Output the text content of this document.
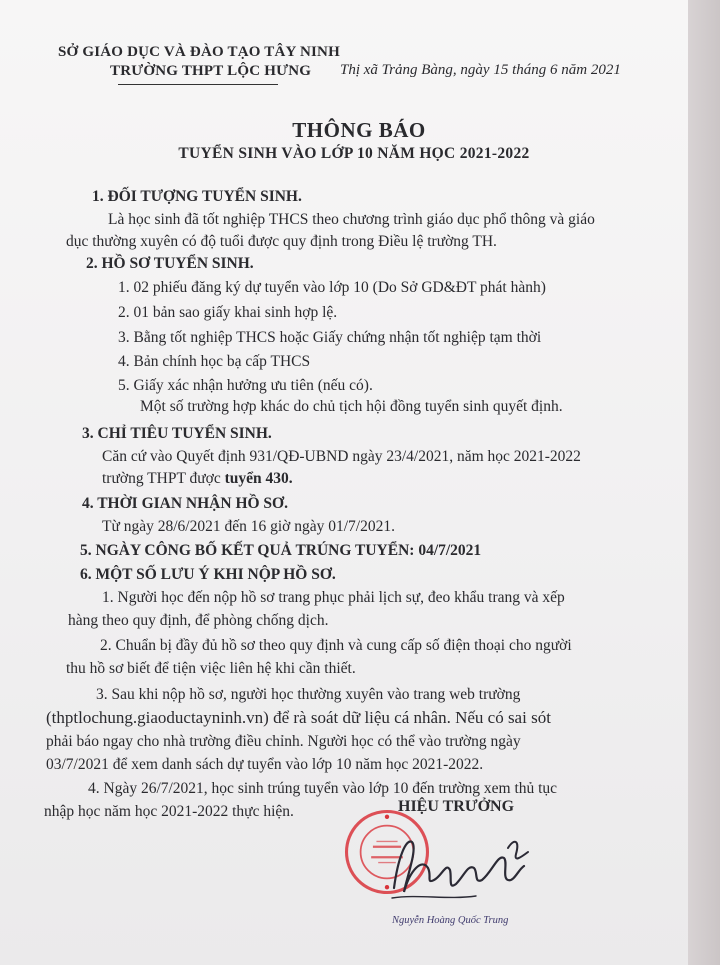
SỞ GIÁO DỤC VÀ ĐÀO TẠO TÂY NINH
TRƯỜNG THPT LỘC HƯNG Thị xã Trảng Bàng, ngày 15 tháng 6 năm 2021
THÔNG BÁO
TUYỂN SINH VÀO LỚP 10 NĂM HỌC 2021-2022
1. ĐỐI TƯỢNG TUYỂN SINH.
Là học sinh đã tốt nghiệp THCS theo chương trình giáo dục phổ thông và giáo
dục thường xuyên có độ tuổi được quy định trong Điều lệ trường TH.
2. HỒ SƠ TUYỂN SINH.
1. 02 phiếu đăng ký dự tuyển vào lớp 10 (Do Sở GD&ĐT phát hành)
2. 01 bản sao giấy khai sinh hợp lệ.
3. Bằng tốt nghiệp THCS hoặc Giấy chứng nhận tốt nghiệp tạm thời
4. Bản chính học bạ cấp THCS
5. Giấy xác nhận hưởng ưu tiên (nếu có).
Một số trường hợp khác do chủ tịch hội đồng tuyển sinh quyết định.
3. CHỈ TIÊU TUYỂN SINH.
Căn cứ vào Quyết định 931/QĐ-UBND ngày 23/4/2021, năm học 2021-2022
trường THPT được tuyển 430.
4. THỜI GIAN NHẬN HỒ SƠ.
Từ ngày 28/6/2021 đến 16 giờ ngày 01/7/2021.
5. NGÀY CÔNG BỐ KẾT QUẢ TRÚNG TUYỂN: 04/7/2021
6. MỘT SỐ LƯU Ý KHI NỘP HỒ SƠ.
1. Người học đến nộp hồ sơ trang phục phải lịch sự, đeo khẩu trang và xếp
hàng theo quy định, để phòng chống dịch.
2. Chuẩn bị đầy đủ hồ sơ theo quy định và cung cấp số điện thoại cho người
thu hồ sơ biết để tiện việc liên hệ khi cần thiết.
3. Sau khi nộp hồ sơ, người học thường xuyên vào trang web trường
(thptlochung.giaoductayninh.vn) để rà soát dữ liệu cá nhân. Nếu có sai sót
phải báo ngay cho nhà trường điều chỉnh. Người học có thể vào trường ngày
03/7/2021 để xem danh sách dự tuyển vào lớp 10 năm học 2021-2022.
4. Ngày 26/7/2021, học sinh trúng tuyển vào lớp 10 đến trường xem thủ tục
nhập học năm học 2021-2022 thực hiện.	HIỆU TRƯỞNG
Nguyễn Hoàng Quốc Trung
